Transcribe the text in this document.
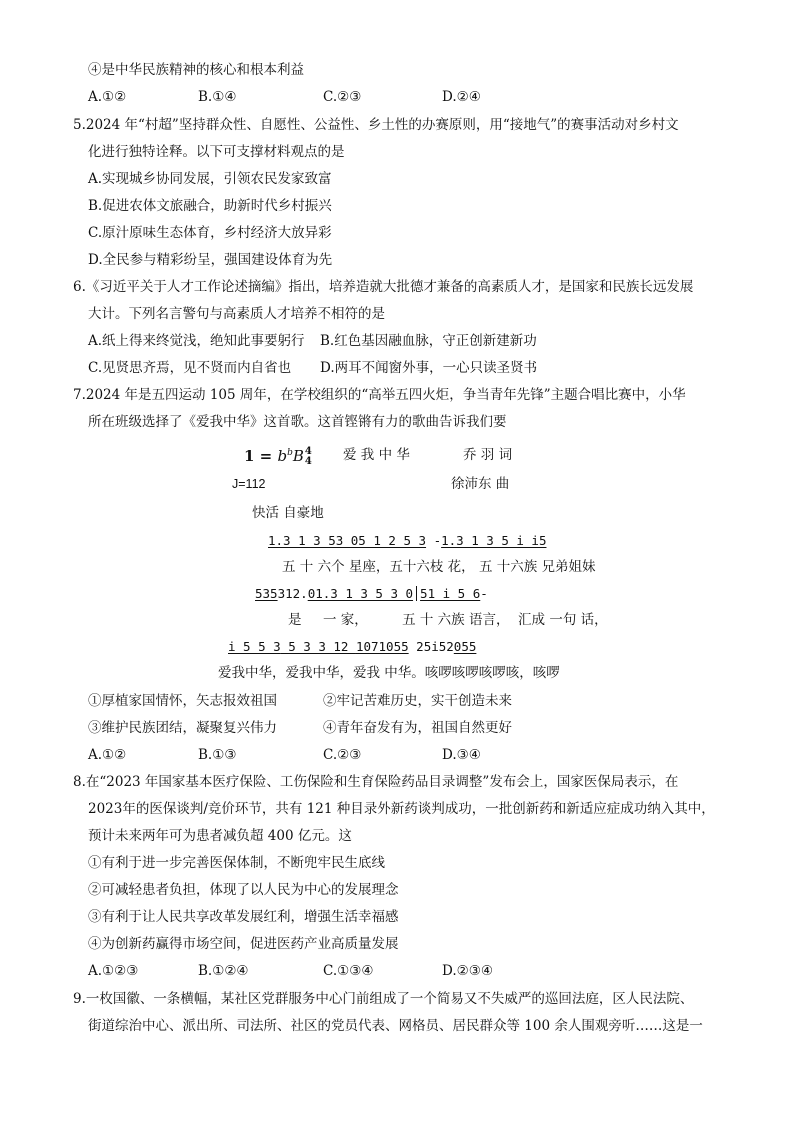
④是中华民族精神的核心和根本利益
A.①②	B.①④	C.②③	D.②④
5.2024 年“村超”坚持群众性、自愿性、公益性、乡土性的办赛原则，用“接地气”的赛事活动对乡村文
化进行独特诠释。以下可支撑材料观点的是
A.实现城乡协同发展，引领农民发家致富
B.促进农体文旅融合，助新时代乡村振兴
C.原汁原味生态体育，乡村经济大放异彩
D.全民参与精彩纷呈，强国建设体育为先
6.《习近平关于人才工作论述摘编》指出，培养造就大批德才兼备的高素质人才，是国家和民族长远发展
大计。下列名言警句与高素质人才培养不相符的是
A.纸上得来终觉浅，绝知此事要躬行 B.红色基因融血脉，守正创新建新功
C.见贤思齐焉，见不贤而内自省也 D.两耳不闻窗外事，一心只读圣贤书
7.2024 年是五四运动 105 周年，在学校组织的“高举五四火炬，争当青年先锋”主题合唱比赛中，小华
所在班级选择了《爱我中华》这首歌。这首铿锵有力的歌曲告诉我们要
$1 = b^bB4$
4 爱 我 中 华	乔 羽 词
J=112	徐沛东 曲
快活 自豪地
1.3 1 3 53 05 1 2 5 3 -1.3 1 3 5 i i5
五 十 六个 星座，五十六枝 花， 五 十六族 兄弟姐妹
535312.01.3 1 3 5 3 0 51 i 5 6-
是     一 家，        五 十 六族 语言，  汇成 一句 话，
i 5 5 3 5 3 3 12 1071055 25i52055
爱我中华，爱我中华，爱我 中华。咳啰咳啰咳啰咳，咳啰
①厚植家国情怀，矢志报效祖国	②牢记苦难历史，实干创造未来
③维护民族团结，凝聚复兴伟力	④青年奋发有为，祖国自然更好
A.①②	B.①③	C.②③	D.③④
8.在“2023 年国家基本医疗保险、工伤保险和生育保险药品目录调整”发布会上，国家医保局表示，在
2023年的医保谈判/竞价环节，共有 121 种目录外新药谈判成功，一批创新药和新适应症成功纳入其中，
预计未来两年可为患者减负超 400 亿元。这
①有利于进一步完善医保体制，不断兜牢民生底线
②可减轻患者负担，体现了以人民为中心的发展理念
③有利于让人民共享改革发展红利，增强生活幸福感
④为创新药赢得市场空间，促进医药产业高质量发展
A.①②③	B.①②④	C.①③④	D.②③④
9.一枚国徽、一条横幅，某社区党群服务中心门前组成了一个简易又不失威严的巡回法庭，区人民法院、
街道综治中心、派出所、司法所、社区的党员代表、网格员、居民群众等 100 余人围观旁听……这是一
